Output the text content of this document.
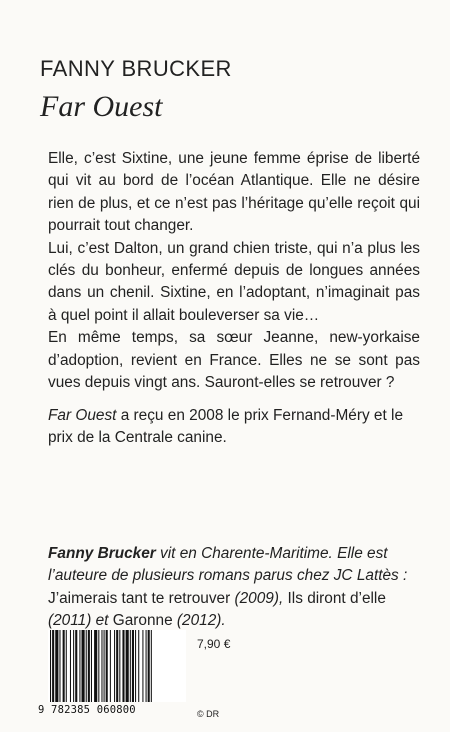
FANNY BRUCKER
Far Ouest

Elle, c’est Sixtine, une jeune femme éprise de liberté qui vit au bord de l’océan Atlantique. Elle ne désire rien de plus, et ce n’est pas l’héritage qu’elle reçoit qui pourrait tout changer.

Lui, c’est Dalton, un grand chien triste, qui n’a plus les clés du bonheur, enfermé depuis de longues années dans un chenil. Sixtine, en l’adoptant, n’imaginait pas à quel point il allait bouleverser sa vie…

En même temps, sa sœur Jeanne, new-yorkaise d’adoption, revient en France. Elles ne se sont pas vues depuis vingt ans. Sauront-elles se retrouver ?

Far Ouest a reçu en 2008 le prix Fernand-Méry et le prix de la Centrale canine.
Fanny Brucker vit en Charente-Maritime. Elle est l’auteure de plusieurs romans parus chez JC Lattès : J’aimerais tant te retrouver (2009), Ils diront d’elle (2011) et Garonne (2012).
9 782385 060800
7,90 €
© DR
